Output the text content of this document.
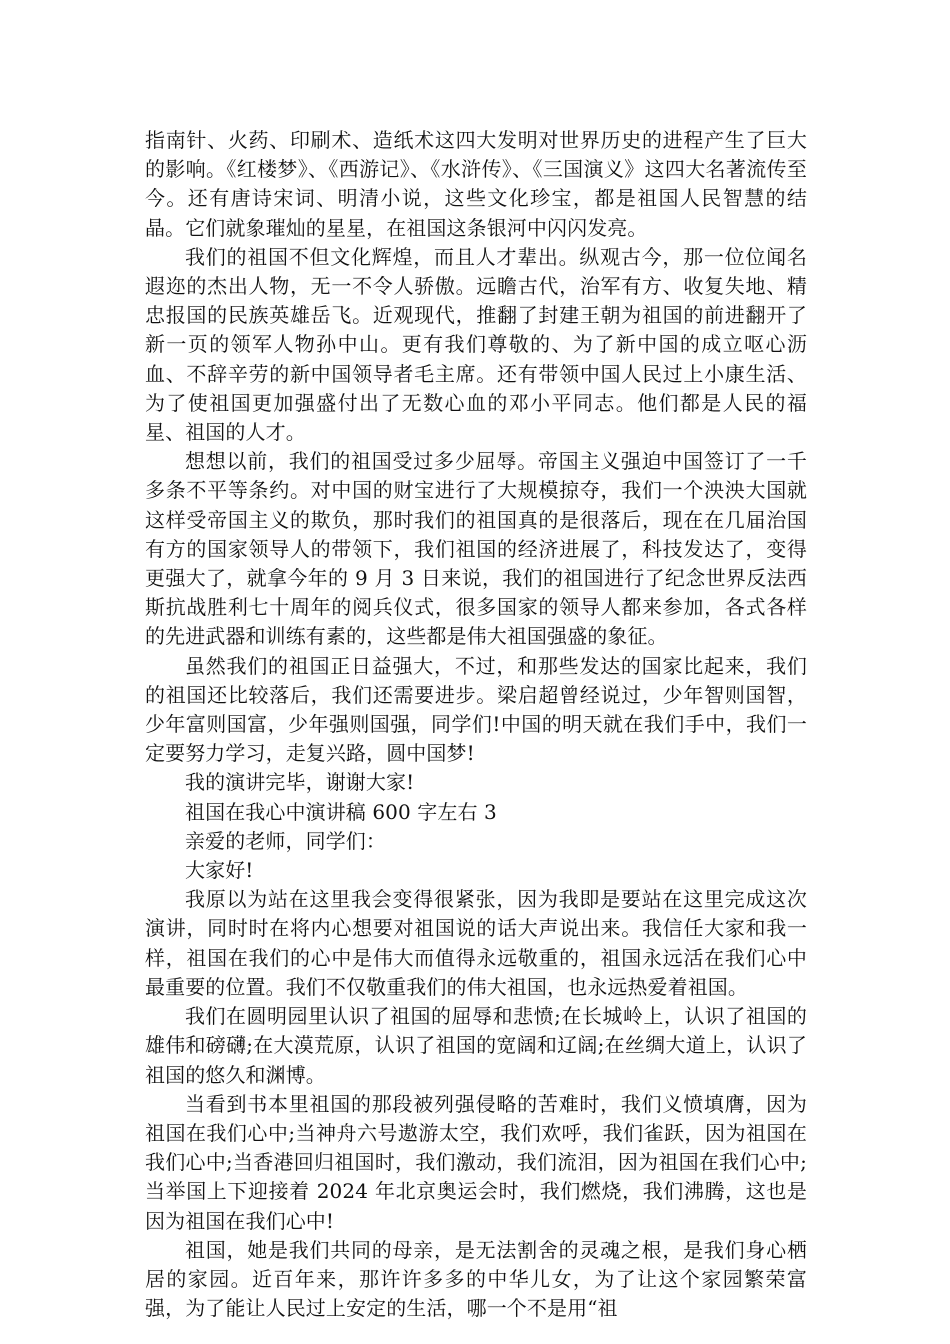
指南针、火药、印刷术、造纸术这四大发明对世界历史的进程产生了巨大的影响。《红楼梦》、《西游记》、《水浒传》、《三国演义》这四大名著流传至今。还有唐诗宋词、明清小说，这些文化珍宝，都是祖国人民智慧的结晶。它们就象璀灿的星星，在祖国这条银河中闪闪发亮。

我们的祖国不但文化辉煌，而且人才辈出。纵观古今，那一位位闻名遐迩的杰出人物，无一不令人骄傲。远瞻古代，治军有方、收复失地、精忠报国的民族英雄岳飞。近观现代，推翻了封建王朝为祖国的前进翻开了新一页的领军人物孙中山。更有我们尊敬的、为了新中国的成立呕心沥血、不辞辛劳的新中国领导者毛主席。还有带领中国人民过上小康生活、为了使祖国更加强盛付出了无数心血的邓小平同志。他们都是人民的福星、祖国的人才。

想想以前，我们的祖国受过多少屈辱。帝国主义强迫中国签订了一千多条不平等条约。对中国的财宝进行了大规模掠夺，我们一个泱泱大国就这样受帝国主义的欺负，那时我们的祖国真的是很落后，现在在几届治国有方的国家领导人的带领下，我们祖国的经济进展了，科技发达了，变得更强大了，就拿今年的 9 月 3 日来说，我们的祖国进行了纪念世界反法西斯抗战胜利七十周年的阅兵仪式，很多国家的领导人都来参加，各式各样的先进武器和训练有素的，这些都是伟大祖国强盛的象征。

虽然我们的祖国正日益强大，不过，和那些发达的国家比起来，我们的祖国还比较落后，我们还需要进步。梁启超曾经说过，少年智则国智，少年富则国富，少年强则国强，同学们!中国的明天就在我们手中，我们一定要努力学习，走复兴路，圆中国梦!

我的演讲完毕，谢谢大家!

祖国在我心中演讲稿 600 字左右 3

亲爱的老师，同学们：

大家好!

我原以为站在这里我会变得很紧张，因为我即是要站在这里完成这次演讲，同时时在将内心想要对祖国说的话大声说出来。我信任大家和我一样，祖国在我们的心中是伟大而值得永远敬重的，祖国永远活在我们心中最重要的位置。我们不仅敬重我们的伟大祖国，也永远热爱着祖国。

我们在圆明园里认识了祖国的屈辱和悲愤;在长城岭上，认识了祖国的雄伟和磅礴;在大漠荒原，认识了祖国的宽阔和辽阔;在丝绸大道上，认识了祖国的悠久和渊博。

当看到书本里祖国的那段被列强侵略的苦难时，我们义愤填膺，因为祖国在我们心中;当神舟六号遨游太空，我们欢呼，我们雀跃，因为祖国在我们心中;当香港回归祖国时，我们激动，我们流泪，因为祖国在我们心中;当举国上下迎接着 2024 年北京奥运会时，我们燃烧，我们沸腾，这也是因为祖国在我们心中!

祖国，她是我们共同的母亲，是无法割舍的灵魂之根，是我们身心栖居的家园。近百年来，那许许多多的中华儿女，为了让这个家园繁荣富强，为了能让人民过上安定的生活，哪一个不是用“祖
